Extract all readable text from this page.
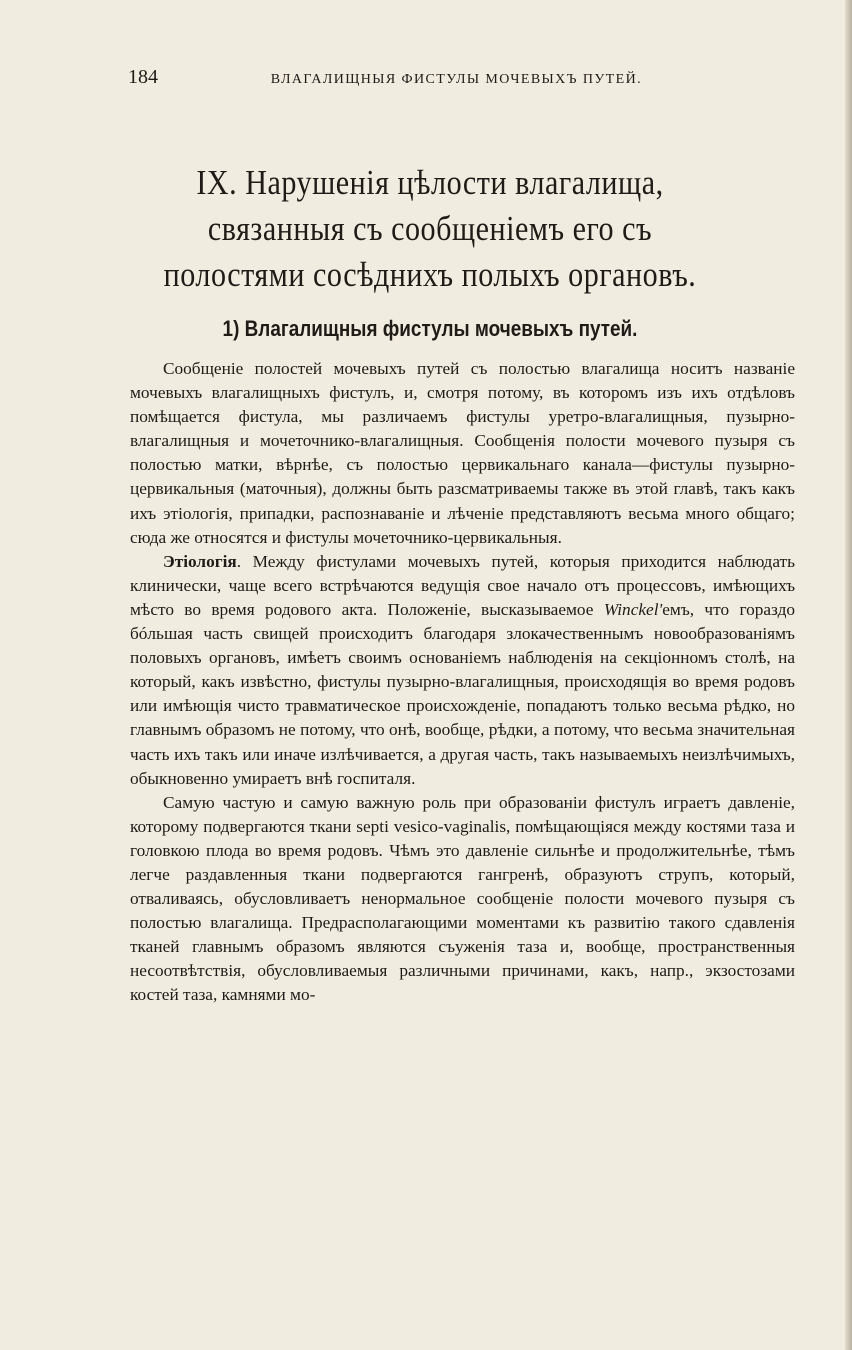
184	ВЛАГАЛИЩНЫЯ ФИСТУЛЫ МОЧЕВЫХЪ ПУТЕЙ.
IX. Нарушенія цѣлости влагалища, связанныя съ сообщеніемъ его съ полостями сосѣднихъ полыхъ органовъ.
1) Влагалищныя фистулы мочевыхъ путей.

Сообщеніе полостей мочевыхъ путей съ полостью влагалища носитъ названіе мочевыхъ влагалищныхъ фистулъ, и, смотря потому, въ которомъ изъ ихъ отдѣловъ помѣщается фистула, мы различаемъ фистулы уретро-влагалищныя, пузырно-влагалищныя и мочеточнико-влагалищныя. Сообщенія полости мочевого пузыря съ полостью матки, вѣрнѣе, съ полостью цервикальнаго канала—фистулы пузырно-цервикальныя (маточныя), должны быть разсматриваемы также въ этой главѣ, такъ какъ ихъ этіологія, припадки, распознаваніе и лѣченіе представляютъ весьма много общаго; сюда же относятся и фистулы мочеточнико-цервикальныя.

Этіологія. Между фистулами мочевыхъ путей, которыя приходится наблюдать клинически, чаще всего встрѣчаются ведущія свое начало отъ процессовъ, имѣющихъ мѣсто во время родового акта. Положеніе, высказываемое Winckel'емъ, что гораздо бóльшая часть свищей происходитъ благодаря злокачественнымъ новообразованіямъ половыхъ органовъ, имѣетъ своимъ основаніемъ наблюденія на секціонномъ столѣ, на который, какъ извѣстно, фистулы пузырно-влагалищныя, происходящія во время родовъ или имѣющія чисто травматическое происхожденіе, попадаютъ только весьма рѣдко, но главнымъ образомъ не потому, что онѣ, вообще, рѣдки, а потому, что весьма значительная часть ихъ такъ или иначе излѣчивается, а другая часть, такъ называемыхъ неизлѣчимыхъ, обыкновенно умираетъ внѣ госпиталя.

Самую частую и самую важную роль при образованіи фистулъ играетъ давленіе, которому подвергаются ткани septi vesico-vaginalis, помѣщающіяся между костями таза и головкою плода во время родовъ. Чѣмъ это давленіе сильнѣе и продолжительнѣе, тѣмъ легче раздавленныя ткани подвергаются гангренѣ, образуютъ струпъ, который, отваливаясь, обусловливаетъ ненормальное сообщеніе полости мочевого пузыря съ полостью влагалища. Предрасполагающими моментами къ развитію такого сдавленія тканей главнымъ образомъ являются съуженія таза и, вообще, пространственныя несоотвѣтствія, обусловливаемыя различными причинами, какъ, напр., экзостозами костей таза, камнями мо-
